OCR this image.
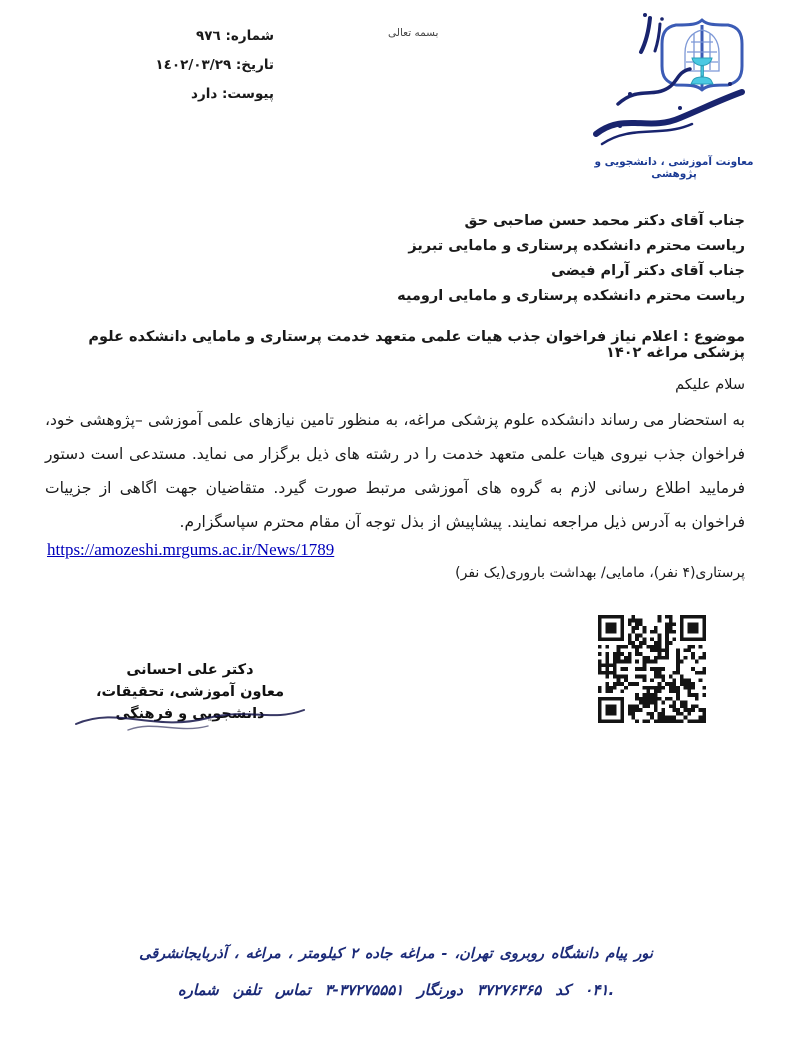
شماره: ٩٧٦
تاریخ: ١٤٠٢/٠٣/٢٩
پیوست: دارد
بسمه تعالی
معاونت آموزشی ، دانشجویی و پژوهشی
جناب آقای دکتر محمد حسن صاحبی حق
ریاست محترم دانشکده پرستاری و مامایی تبریز
جناب آقای دکتر آرام فیضی
ریاست محترم دانشکده پرستاری و مامایی ارومیه
موضوع : اعلام نیاز فراخوان جذب هیات علمی متعهد خدمت پرستاری و مامایی دانشکده علوم پزشکی مراغه ۱۴۰۲
سلام علیکم
به استحضار می رساند دانشکده علوم پزشکی مراغه، به منظور تامین نیازهای علمی آموزشی –پژوهشی خود، فراخوان جذب نیروی هیات علمی متعهد خدمت را در رشته های ذیل برگزار می نماید. مستدعی است دستور فرمایید اطلاع رسانی لازم به گروه های آموزشی مرتبط صورت گیرد. متقاضیان جهت اگاهی از جزییات فراخوان به آدرس ذیل مراجعه نمایند. پیشاپیش از بذل توجه آن مقام محترم سپاسگزارم.
https://amozeshi.mrgums.ac.ir/News/1789
پرستاری(۴ نفر)، مامایی/ بهداشت باروری(یک نفر)
دکتر علی احسانی
معاون آموزشی، تحقیقات،
دانشجویی و فرهنگی
آذربایجانشرقی ، مراغه ، کیلومتر ۲ جاده مراغه - تهران، روبروی دانشگاه پیام نور
شماره تلفن تماس ۳-۳۷۲۷۵۵۵۱ دورنگار ۳۷۲۷۶۳۶۵ کد ۰۴۱.
